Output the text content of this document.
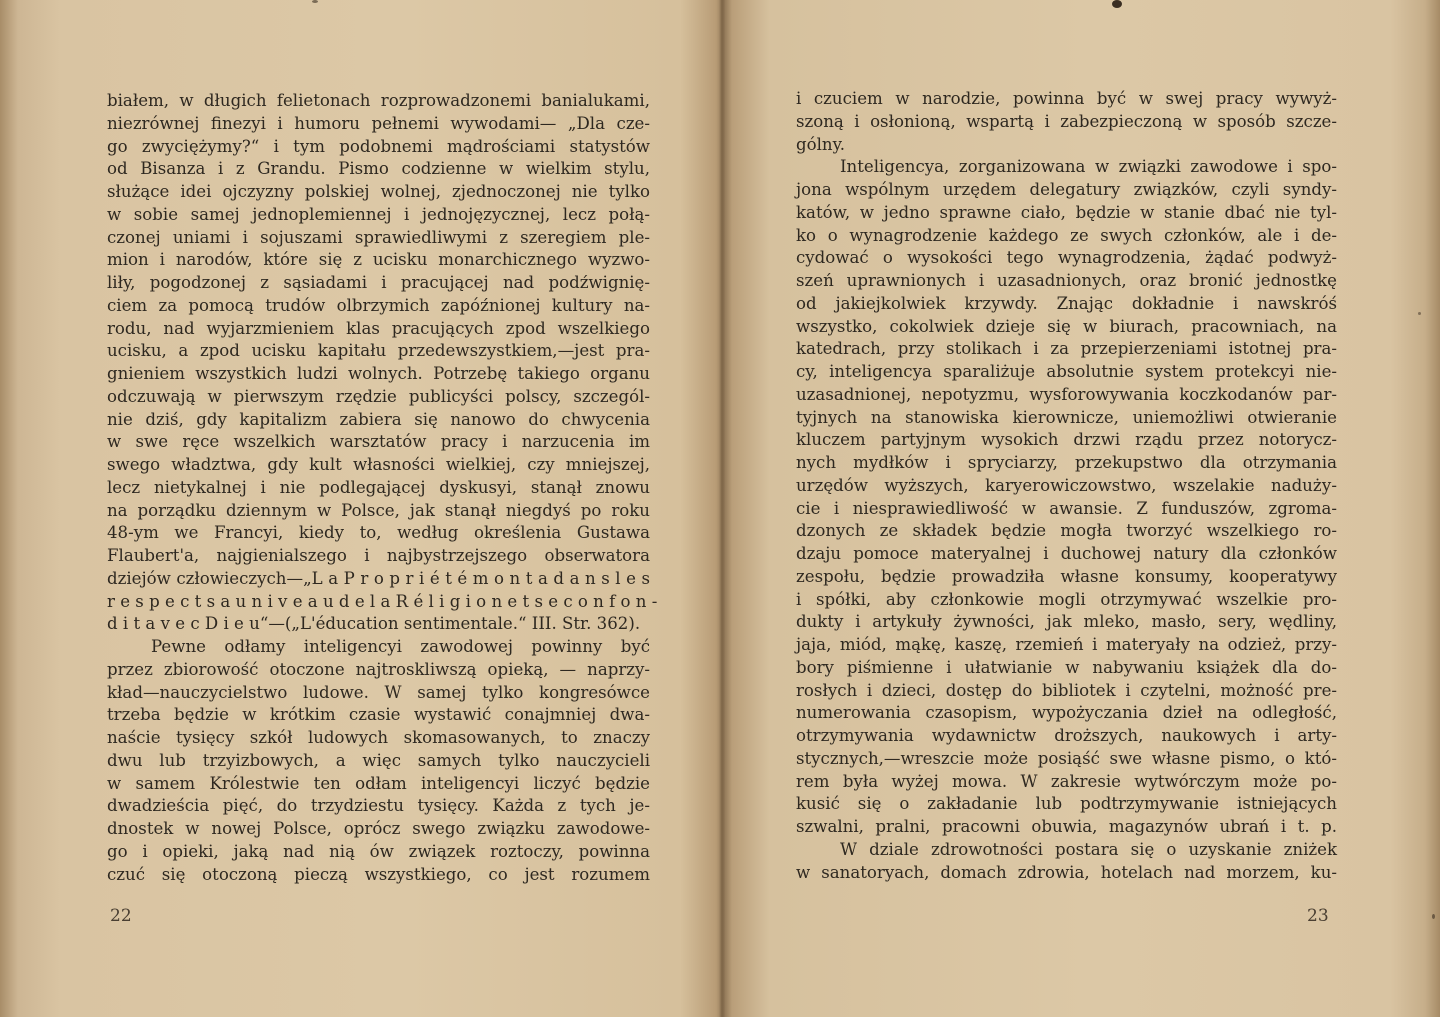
białem, w długich felietonach rozprowadzonemi banialukami,
niezrównej finezyi i humoru pełnemi wywodami— „Dla cze-
go zwyciężymy?“ i tym podobnemi mądrościami statystów
od Bisanza i z Grandu. Pismo codzienne w wielkim stylu,
służące idei ojczyzny polskiej wolnej, zjednoczonej nie tylko
w sobie samej jednoplemiennej i jednojęzycznej, lecz połą-
czonej uniami i sojuszami sprawiedliwymi z szeregiem ple-
mion i narodów, które się z ucisku monarchicznego wyzwo-
liły, pogodzonej z sąsiadami i pracującej nad podźwignię-
ciem za pomocą trudów olbrzymich zapóźnionej kultury na-
rodu, nad wyjarzmieniem klas pracujących zpod wszelkiego
ucisku, a zpod ucisku kapitału przedewszystkiem,—jest pra-
gnieniem wszystkich ludzi wolnych. Potrzebę takiego organu
odczuwają w pierwszym rzędzie publicyści polscy, szczegól-
nie dziś, gdy kapitalizm zabiera się nanowo do chwycenia
w swe ręce wszelkich warsztatów pracy i narzucenia im
swego władztwa, gdy kult własności wielkiej, czy mniejszej,
lecz nietykalnej i nie podlegającej dyskusyi, stanął znowu
na porządku dziennym w Polsce, jak stanął niegdyś po roku
48-ym we Francyi, kiedy to, według określenia Gustawa
Flaubert'a, najgienialszego i najbystrzejszego obserwatora
dziejów człowieczych—„L a P r o p r i é t é m o n t a d a n s l e s
r e s p e c t s a u n i v e a u d e l a R é l i g i o n e t s e c o n f o n -
d i t a v e c D i e u“—(„L'éducation sentimentale.“ III. Str. 362).
Pewne odłamy inteligencyi zawodowej powinny być
przez zbiorowość otoczone najtroskliwszą opieką, — naprzy-
kład—nauczycielstwo ludowe. W samej tylko kongresówce
trzeba będzie w krótkim czasie wystawić conajmniej dwa-
naście tysięcy szkół ludowych skomasowanych, to znaczy
dwu lub trzyizbowych, a więc samych tylko nauczycieli
w samem Królestwie ten odłam inteligencyi liczyć będzie
dwadzieścia pięć, do trzydziestu tysięcy. Każda z tych je-
dnostek w nowej Polsce, oprócz swego związku zawodowe-
go i opieki, jaką nad nią ów związek roztoczy, powinna
czuć się otoczoną pieczą wszystkiego, co jest rozumem
22
i czuciem w narodzie, powinna być w swej pracy wywyż-
szoną i osłonioną, wspartą i zabezpieczoną w sposób szcze-
gólny.
Inteligencya, zorganizowana w związki zawodowe i spo-
jona wspólnym urzędem delegatury związków, czyli syndy-
katów, w jedno sprawne ciało, będzie w stanie dbać nie tyl-
ko o wynagrodzenie każdego ze swych członków, ale i de-
cydować o wysokości tego wynagrodzenia, żądać podwyż-
szeń uprawnionych i uzasadnionych, oraz bronić jednostkę
od jakiejkolwiek krzywdy. Znając dokładnie i nawskróś
wszystko, cokolwiek dzieje się w biurach, pracowniach, na
katedrach, przy stolikach i za przepierzeniami istotnej pra-
cy, inteligencya sparaliżuje absolutnie system protekcyi nie-
uzasadnionej, nepotyzmu, wysforowywania koczkodanów par-
tyjnych na stanowiska kierownicze, uniemożliwi otwieranie
kluczem partyjnym wysokich drzwi rządu przez notorycz-
nych mydłków i spryciarzy, przekupstwo dla otrzymania
urzędów wyższych, karyerowiczowstwo, wszelakie nadużу-
cie i niesprawiedliwość w awansie. Z funduszów, zgroma-
dzonych ze składek będzie mogła tworzyć wszelkiego ro-
dzaju pomoce materyalnej i duchowej natury dla członków
zespołu, będzie prowadziła własne konsumy, kooperatywy
i spółki, aby członkowie mogli otrzymywać wszelkie pro-
dukty i artykuły żywności, jak mleko, masło, sery, wędliny,
jaja, miód, mąkę, kaszę, rzemień i materyały na odzież, przy-
bory piśmienne i ułatwianie w nabywaniu książek dla do-
rosłych i dzieci, dostęp do bibliotek i czytelni, możność pre-
numerowania czasopism, wypożyczania dzieł na odległość,
otrzymywania wydawnictw droższych, naukowych i arty-
stycznych,—wreszcie może posiąść swe własne pismo, o któ-
rem była wyżej mowa. W zakresie wytwórczym może po-
kusić się o zakładanie lub podtrzymywanie istniejących
szwalni, pralni, pracowni obuwia, magazynów ubrań i t. p.
W dziale zdrowotności postara się o uzyskanie zniżek
w sanatoryach, domach zdrowia, hotelach nad morzem, ku-
23
